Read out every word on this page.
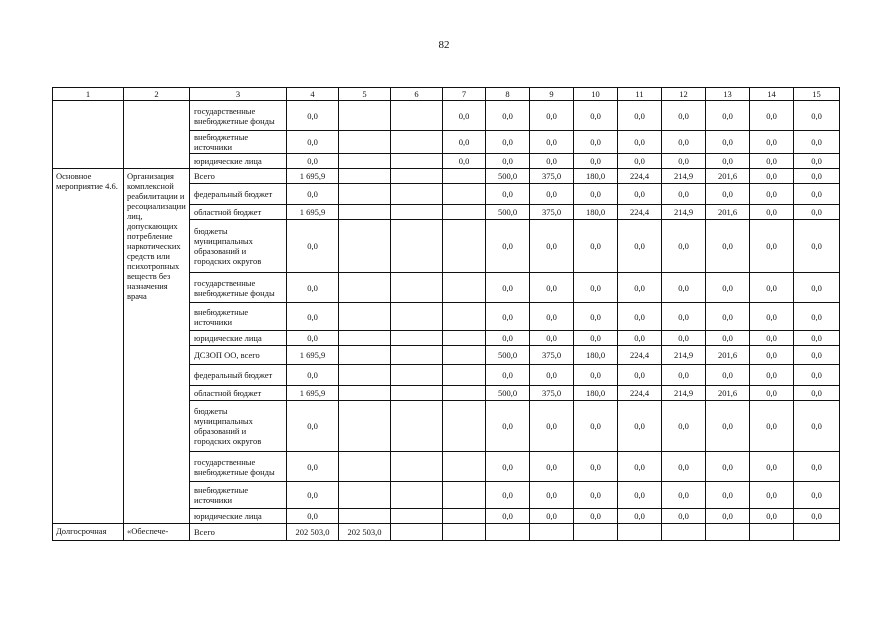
82
1	2	3	4	5	6	7	8	9	10	11	12	13	14	15
		государственные внебюджетные фонды	0,0			0,0	0,0	0,0	0,0	0,0	0,0	0,0	0,0	0,0
		внебюджетные источники	0,0			0,0	0,0	0,0	0,0	0,0	0,0	0,0	0,0	0,0
		юридические лица	0,0			0,0	0,0	0,0	0,0	0,0	0,0	0,0	0,0	0,0
Основное мероприятие 4.6.	Организация комплексной реабилитации и ресоциализации лиц, допускающих потребление наркотических средств или психотропных веществ без назначения врача	Всего	1 695,9				500,0	375,0	180,0	224,4	214,9	201,6	0,0	0,0
		федеральный бюджет	0,0				0,0	0,0	0,0	0,0	0,0	0,0	0,0	0,0
		областной бюджет	1 695,9				500,0	375,0	180,0	224,4	214,9	201,6	0,0	0,0
		бюджеты муниципальных образований и городских округов	0,0				0,0	0,0	0,0	0,0	0,0	0,0	0,0	0,0
		государственные внебюджетные фонды	0,0				0,0	0,0	0,0	0,0	0,0	0,0	0,0	0,0
		внебюджетные источники	0,0				0,0	0,0	0,0	0,0	0,0	0,0	0,0	0,0
		юридические лица	0,0				0,0	0,0	0,0	0,0	0,0	0,0	0,0	0,0
		ДСЗОП ОО, всего	1 695,9				500,0	375,0	180,0	224,4	214,9	201,6	0,0	0,0
		федеральный бюджет	0,0				0,0	0,0	0,0	0,0	0,0	0,0	0,0	0,0
		областной бюджет	1 695,9				500,0	375,0	180,0	224,4	214,9	201,6	0,0	0,0
		бюджеты муниципальных образований и городских округов	0,0				0,0	0,0	0,0	0,0	0,0	0,0	0,0	0,0
		государственные внебюджетные фонды	0,0				0,0	0,0	0,0	0,0	0,0	0,0	0,0	0,0
		внебюджетные источники	0,0				0,0	0,0	0,0	0,0	0,0	0,0	0,0	0,0
		юридические лица	0,0				0,0	0,0	0,0	0,0	0,0	0,0	0,0	0,0
Долгосрочная	«Обеспече-	Всего	202 503,0	202 503,0										
